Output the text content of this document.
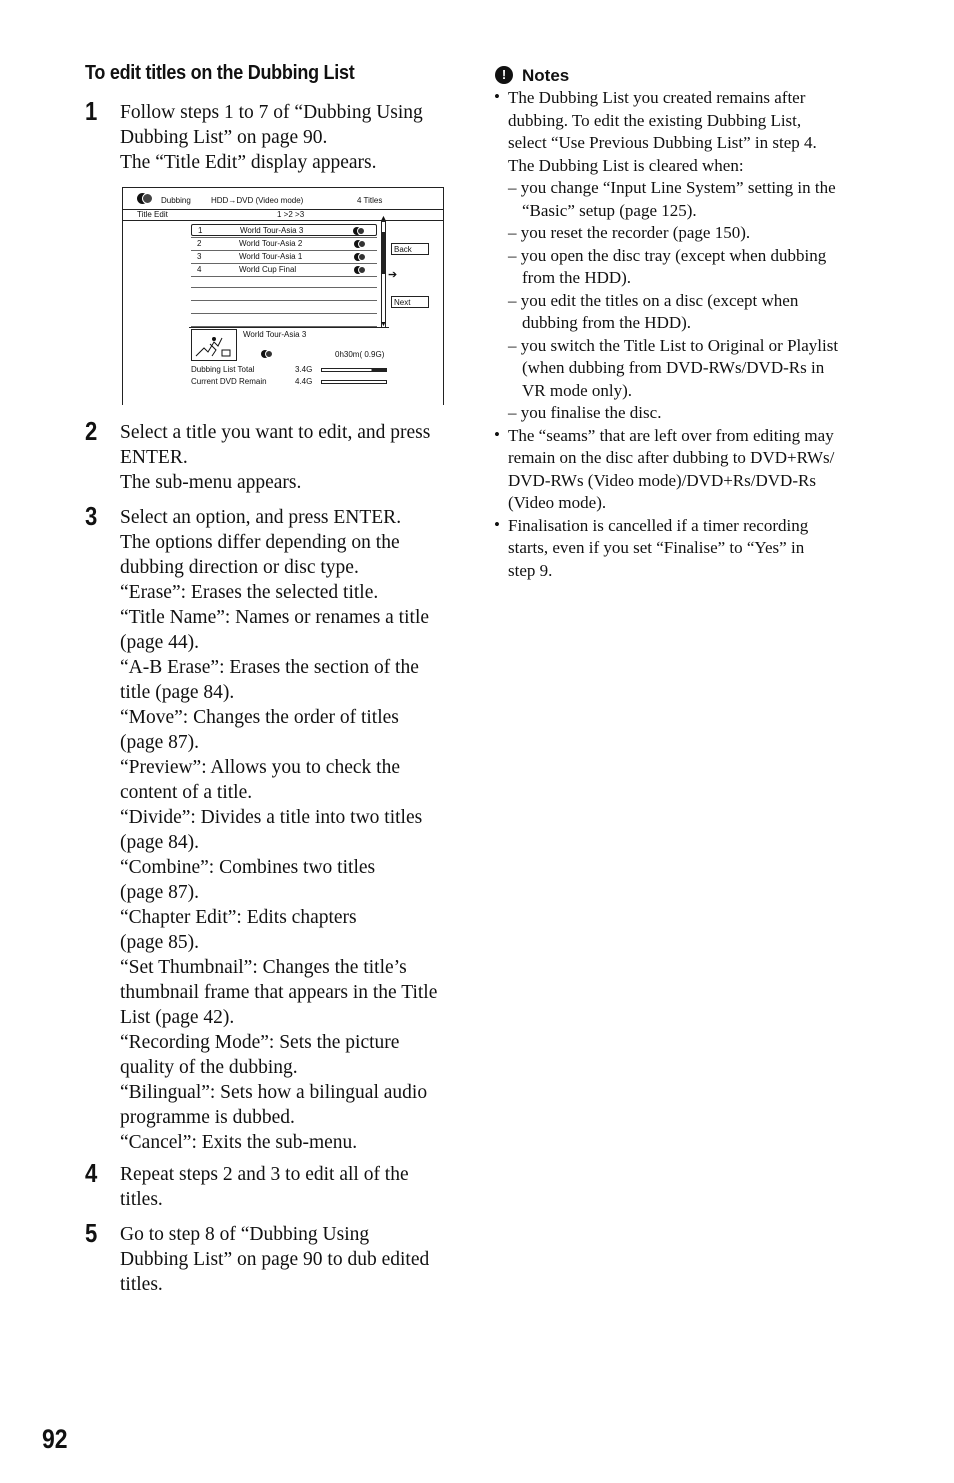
To edit titles on the Dubbing List
1 Follow steps 1 to 7 of “Dubbing Using

Dubbing List” on page 90.

The “Title Edit” display appears.

Dubbing	HDD→DVD (Video mode)	4 Titles
Title Edit	1 >2 >3
1	World Tour-Asia 3
2	World Tour-Asia 2
3	World Tour-Asia 1
4	World Cup Final
▲
▼
Back
➔
Next
World Tour-Asia 3
0h30m( 0.9G)
Dubbing List Total	3.4G
Current DVD Remain	4.4G
2 Select a title you want to edit, and press

ENTER.

The sub-menu appears.

3 Select an option, and press ENTER.

The options differ depending on the

dubbing direction or disc type.

“Erase”: Erases the selected title.

“Title Name”: Names or renames a title

(page 44).

“A-B Erase”: Erases the section of the

title (page 84).

“Move”: Changes the order of titles

(page 87).

“Preview”: Allows you to check the

content of a title.

“Divide”: Divides a title into two titles

(page 84).

“Combine”: Combines two titles

(page 87).

“Chapter Edit”: Edits chapters

(page 85).

“Set Thumbnail”: Changes the title’s

thumbnail frame that appears in the Title

List (page 42).

“Recording Mode”: Sets the picture

quality of the dubbing.

“Bilingual”: Sets how a bilingual audio

programme is dubbed.

“Cancel”: Exits the sub-menu.

4 Repeat steps 2 and 3 to edit all of the

titles.

5 Go to step 8 of “Dubbing Using

Dubbing List” on page 90 to dub edited

titles.

! Notes
• The Dubbing List you created remains after
dubbing. To edit the existing Dubbing List,
select “Use Previous Dubbing List” in step 4.
The Dubbing List is cleared when:
– you change “Input Line System” setting in the
“Basic” setup (page 125).
– you reset the recorder (page 150).
– you open the disc tray (except when dubbing
from the HDD).
– you edit the titles on a disc (except when
dubbing from the HDD).
– you switch the Title List to Original or Playlist
(when dubbing from DVD-RWs/DVD-Rs in
VR mode only).
– you finalise the disc.
• The “seams” that are left over from editing may
remain on the disc after dubbing to DVD+RWs/
DVD-RWs (Video mode)/DVD+Rs/DVD-Rs
(Video mode).
• Finalisation is cancelled if a timer recording
starts, even if you set “Finalise” to “Yes” in
step 9.
92
